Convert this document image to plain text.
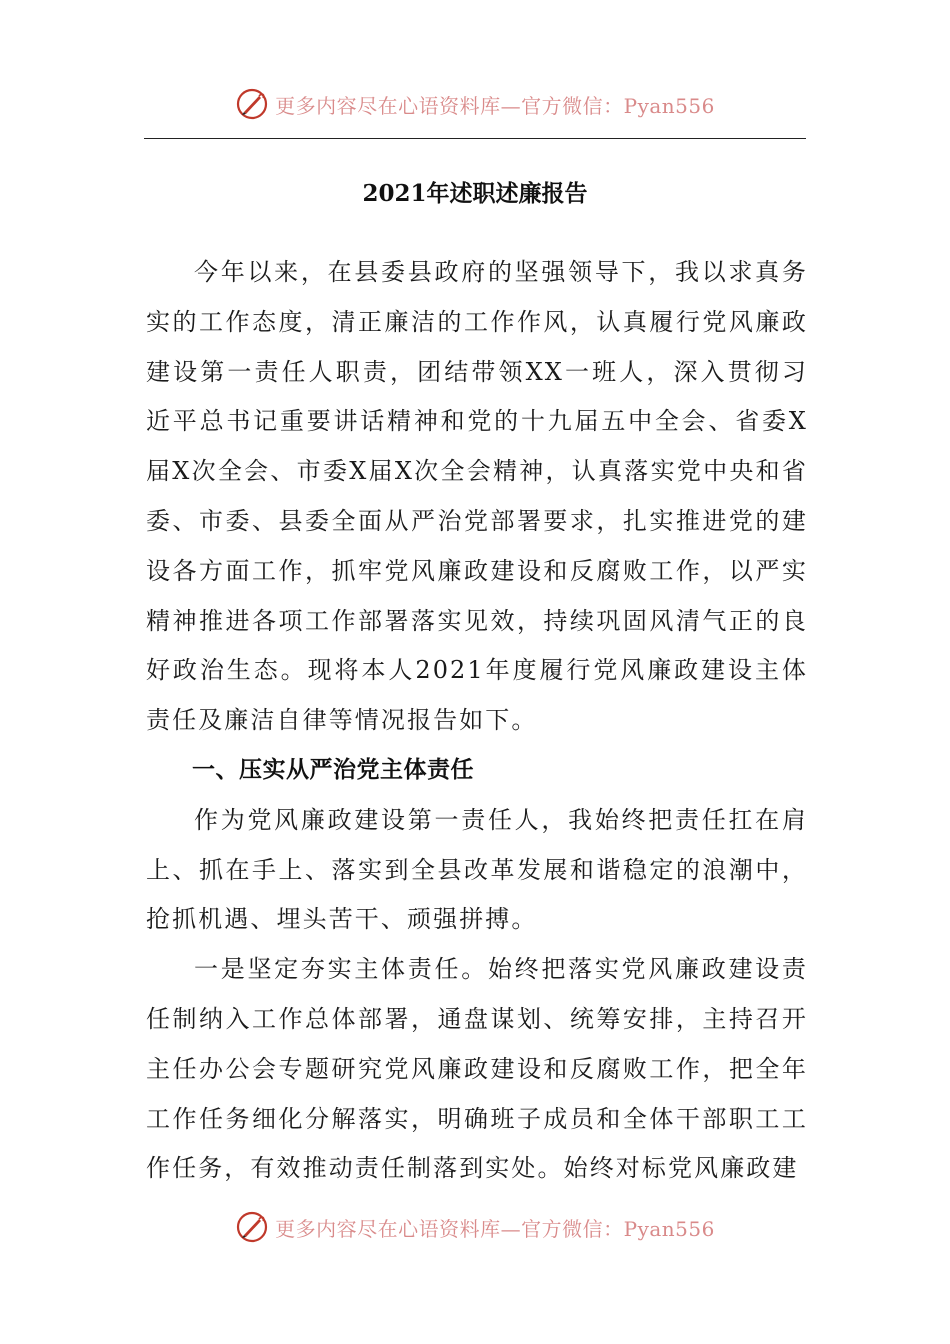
更多内容尽在心语资料库—官方微信：Pyan556
2021年述职述廉报告

今年以来，在县委县政府的坚强领导下，我以求真务实的工作态度，清正廉洁的工作作风，认真履行党风廉政建设第一责任人职责，团结带领XX一班人，深入贯彻习近平总书记重要讲话精神和党的十九届五中全会、省委X届X次全会、市委X届X次全会精神，认真落实党中央和省委、市委、县委全面从严治党部署要求，扎实推进党的建设各方面工作，抓牢党风廉政建设和反腐败工作，以严实精神推进各项工作部署落实见效，持续巩固风清气正的良好政治生态。现将本人2021年度履行党风廉政建设主体责任及廉洁自律等情况报告如下。

一、压实从严治党主体责任

作为党风廉政建设第一责任人，我始终把责任扛在肩上、抓在手上、落实到全县改革发展和谐稳定的浪潮中，抢抓机遇、埋头苦干、顽强拼搏。

一是坚定夯实主体责任。始终把落实党风廉政建设责任制纳入工作总体部署，通盘谋划、统筹安排，主持召开主任办公会专题研究党风廉政建设和反腐败工作，把全年工作任务细化分解落实，明确班子成员和全体干部职工工作任务，有效推动责任制落到实处。始终对标党风廉政建

更多内容尽在心语资料库—官方微信：Pyan556
